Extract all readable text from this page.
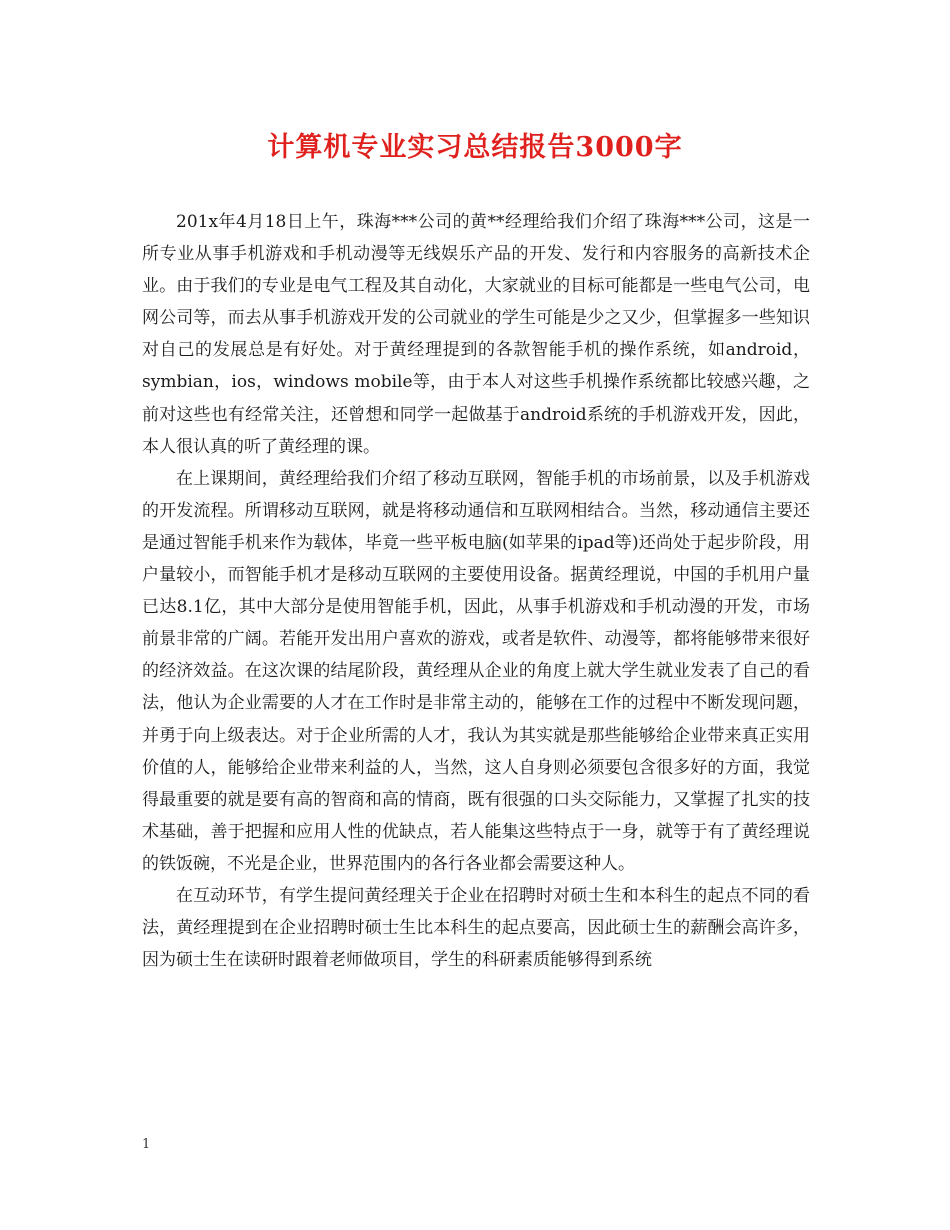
计算机专业实习总结报告3000字

201x年4月18日上午，珠海***公司的黄**经理给我们介绍了珠海***公司，这是一所专业从事手机游戏和手机动漫等无线娱乐产品的开发、发行和内容服务的高新技术企业。由于我们的专业是电气工程及其自动化，大家就业的目标可能都是一些电气公司，电网公司等，而去从事手机游戏开发的公司就业的学生可能是少之又少，但掌握多一些知识对自己的发展总是有好处。对于黄经理提到的各款智能手机的操作系统，如android，symbian，ios，windows mobile等，由于本人对这些手机操作系统都比较感兴趣，之前对这些也有经常关注，还曾想和同学一起做基于android系统的手机游戏开发，因此，本人很认真的听了黄经理的课。

在上课期间，黄经理给我们介绍了移动互联网，智能手机的市场前景，以及手机游戏的开发流程。所谓移动互联网，就是将移动通信和互联网相结合。当然，移动通信主要还是通过智能手机来作为载体，毕竟一些平板电脑(如苹果的ipad等)还尚处于起步阶段，用户量较小，而智能手机才是移动互联网的主要使用设备。据黄经理说，中国的手机用户量已达8.1亿，其中大部分是使用智能手机，因此，从事手机游戏和手机动漫的开发，市场前景非常的广阔。若能开发出用户喜欢的游戏，或者是软件、动漫等，都将能够带来很好的经济效益。在这次课的结尾阶段，黄经理从企业的角度上就大学生就业发表了自己的看法，他认为企业需要的人才在工作时是非常主动的，能够在工作的过程中不断发现问题，并勇于向上级表达。对于企业所需的人才，我认为其实就是那些能够给企业带来真正实用价值的人，能够给企业带来利益的人，当然，这人自身则必须要包含很多好的方面，我觉得最重要的就是要有高的智商和高的情商，既有很强的口头交际能力，又掌握了扎实的技术基础，善于把握和应用人性的优缺点，若人能集这些特点于一身，就等于有了黄经理说的铁饭碗，不光是企业，世界范围内的各行各业都会需要这种人。

在互动环节，有学生提问黄经理关于企业在招聘时对硕士生和本科生的起点不同的看法，黄经理提到在企业招聘时硕士生比本科生的起点要高，因此硕士生的薪酬会高许多，因为硕士生在读研时跟着老师做项目，学生的科研素质能够得到系统

1
